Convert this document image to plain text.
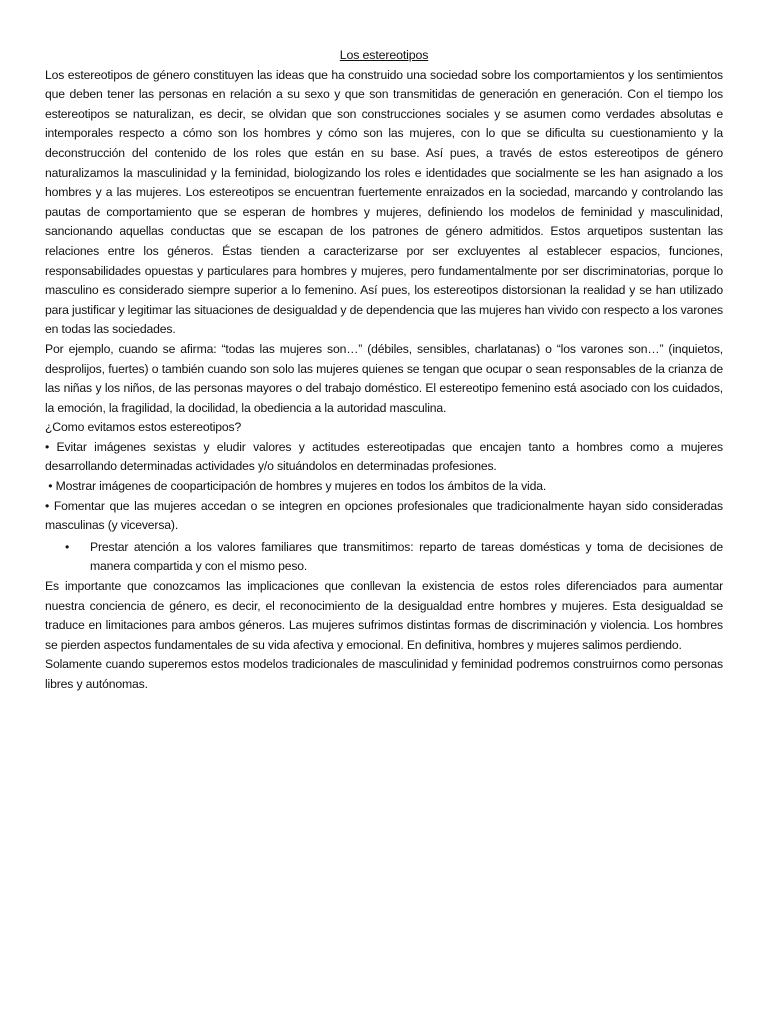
Los estereotipos

Los estereotipos de género constituyen las ideas que ha construido una sociedad sobre los comportamientos y los sentimientos que deben tener las personas en relación a su sexo y que son transmitidas de generación en generación. Con el tiempo los estereotipos se naturalizan, es decir, se olvidan que son construcciones sociales y se asumen como verdades absolutas e intemporales respecto a cómo son los hombres y cómo son las mujeres, con lo que se dificulta su cuestionamiento y la deconstrucción del contenido de los roles que están en su base. Así pues, a través de estos estereotipos de género naturalizamos la masculinidad y la feminidad, biologizando los roles e identidades que socialmente se les han asignado a los hombres y a las mujeres. Los estereotipos se encuentran fuertemente enraizados en la sociedad, marcando y controlando las pautas de comportamiento que se esperan de hombres y mujeres, definiendo los modelos de feminidad y masculinidad, sancionando aquellas conductas que se escapan de los patrones de género admitidos. Estos arquetipos sustentan las relaciones entre los géneros. Éstas tienden a caracterizarse por ser excluyentes al establecer espacios, funciones, responsabilidades opuestas y particulares para hombres y mujeres, pero fundamentalmente por ser discriminatorias, porque lo masculino es considerado siempre superior a lo femenino. Así pues, los estereotipos distorsionan la realidad y se han utilizado para justificar y legitimar las situaciones de desigualdad y de dependencia que las mujeres han vivido con respecto a los varones en todas las sociedades.

Por ejemplo, cuando se afirma: “todas las mujeres son…” (débiles, sensibles, charlatanas) o “los varones son…” (inquietos, desprolijos, fuertes) o también cuando son solo las mujeres quienes se tengan que ocupar o sean responsables de la crianza de las niñas y los niños, de las personas mayores o del trabajo doméstico. El estereotipo femenino está asociado con los cuidados, la emoción, la fragilidad, la docilidad, la obediencia a la autoridad masculina.

¿Como evitamos estos estereotipos?

• Evitar imágenes sexistas y eludir valores y actitudes estereotipadas que encajen tanto a hombres como a mujeres desarrollando determinadas actividades y/o situándolos en determinadas profesiones.

• Mostrar imágenes de cooparticipación de hombres y mujeres en todos los ámbitos de la vida.

• Fomentar que las mujeres accedan o se integren en opciones profesionales que tradicionalmente hayan sido consideradas masculinas (y viceversa).

•	Prestar atención a los valores familiares que transmitimos: reparto de tareas domésticas y toma de decisiones de manera compartida y con el mismo peso.

Es importante que conozcamos las implicaciones que conllevan la existencia de estos roles diferenciados para aumentar nuestra conciencia de género, es decir, el reconocimiento de la desigualdad entre hombres y mujeres. Esta desigualdad se traduce en limitaciones para ambos géneros. Las mujeres sufrimos distintas formas de discriminación y violencia. Los hombres se pierden aspectos fundamentales de su vida afectiva y emocional. En definitiva, hombres y mujeres salimos perdiendo.

Solamente cuando superemos estos modelos tradicionales de masculinidad y feminidad podremos construirnos como personas libres y autónomas.
